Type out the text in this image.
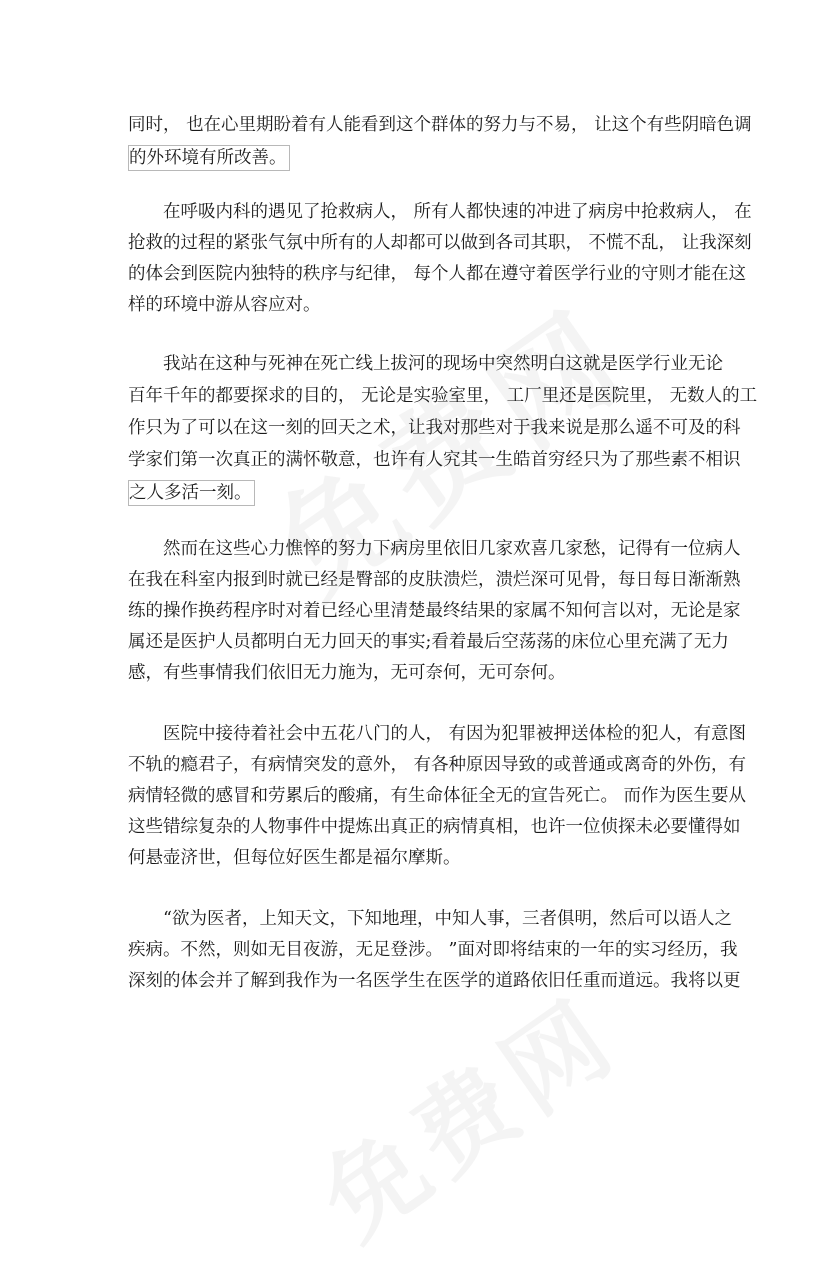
同时， 也在心里期盼着有人能看到这个群体的努力与不易， 让这个有些阴暗色调
的外环境有所改善。
　　在呼吸内科的遇见了抢救病人， 所有人都快速的冲进了病房中抢救病人， 在
抢救的过程的紧张气氛中所有的人却都可以做到各司其职， 不慌不乱， 让我深刻
的体会到医院内独特的秩序与纪律， 每个人都在遵守着医学行业的守则才能在这
样的环境中游从容应对。
　　我站在这种与死神在死亡线上拔河的现场中突然明白这就是医学行业无论
百年千年的都要探求的目的， 无论是实验室里， 工厂里还是医院里， 无数人的工
作只为了可以在这一刻的回天之术，让我对那些对于我来说是那么遥不可及的科
学家们第一次真正的满怀敬意，也许有人究其一生皓首穷经只为了那些素不相识
之人多活一刻。
　　然而在这些心力憔悴的努力下病房里依旧几家欢喜几家愁，记得有一位病人
在我在科室内报到时就已经是臀部的皮肤溃烂，溃烂深可见骨，每日每日渐渐熟
练的操作换药程序时对着已经心里清楚最终结果的家属不知何言以对，无论是家
属还是医护人员都明白无力回天的事实;看着最后空荡荡的床位心里充满了无力
感，有些事情我们依旧无力施为，无可奈何，无可奈何。
　　医院中接待着社会中五花八门的人， 有因为犯罪被押送体检的犯人，有意图
不轨的瘾君子，有病情突发的意外， 有各种原因导致的或普通或离奇的外伤，有
病情轻微的感冒和劳累后的酸痛，有生命体征全无的宣告死亡。 而作为医生要从
这些错综复杂的人物事件中提炼出真正的病情真相，也许一位侦探未必要懂得如
何悬壶济世，但每位好医生都是福尔摩斯。
　　“欲为医者，上知天文，下知地理，中知人事，三者俱明，然后可以语人之
疾病。不然，则如无目夜游，无足登涉。 ”面对即将结束的一年的实习经历，我
深刻的体会并了解到我作为一名医学生在医学的道路依旧任重而道远。我将以更
